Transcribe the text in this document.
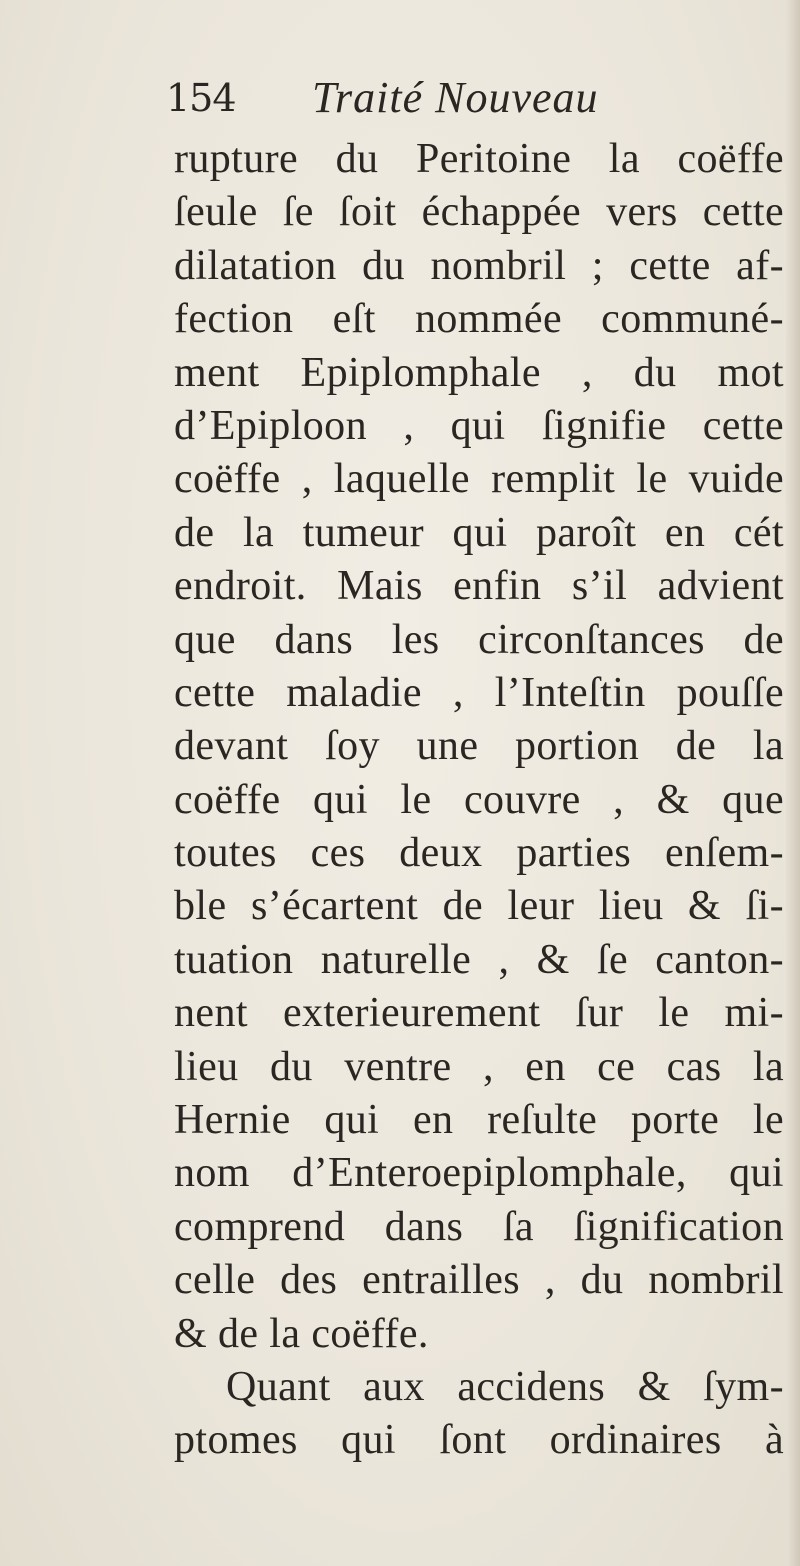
154 Traité Nouveau
rupture du Peritoine la coëffe
ſeule ſe ſoit échappée vers cette
dilatation du nombril ; cette af-
fection eſt nommée communé-
ment Epiplomphale , du mot
d’Epiploon , qui ſignifie cette
coëffe , laquelle remplit le vuide
de la tumeur qui paroît en cét
endroit. Mais enfin s’il advient
que dans les circonſtances de
cette maladie , l’Inteſtin pouſſe
devant ſoy une portion de la
coëffe qui le couvre , & que
toutes ces deux parties enſem-
ble s’écartent de leur lieu & ſi-
tuation naturelle , & ſe canton-
nent exterieurement ſur le mi-
lieu du ventre , en ce cas la
Hernie qui en reſulte porte le
nom d’Enteroepiplomphale, qui
comprend dans ſa ſignification
celle des entrailles , du nombril
& de la coëffe.
Quant aux accidens & ſym-
ptomes qui ſont ordinaires à
